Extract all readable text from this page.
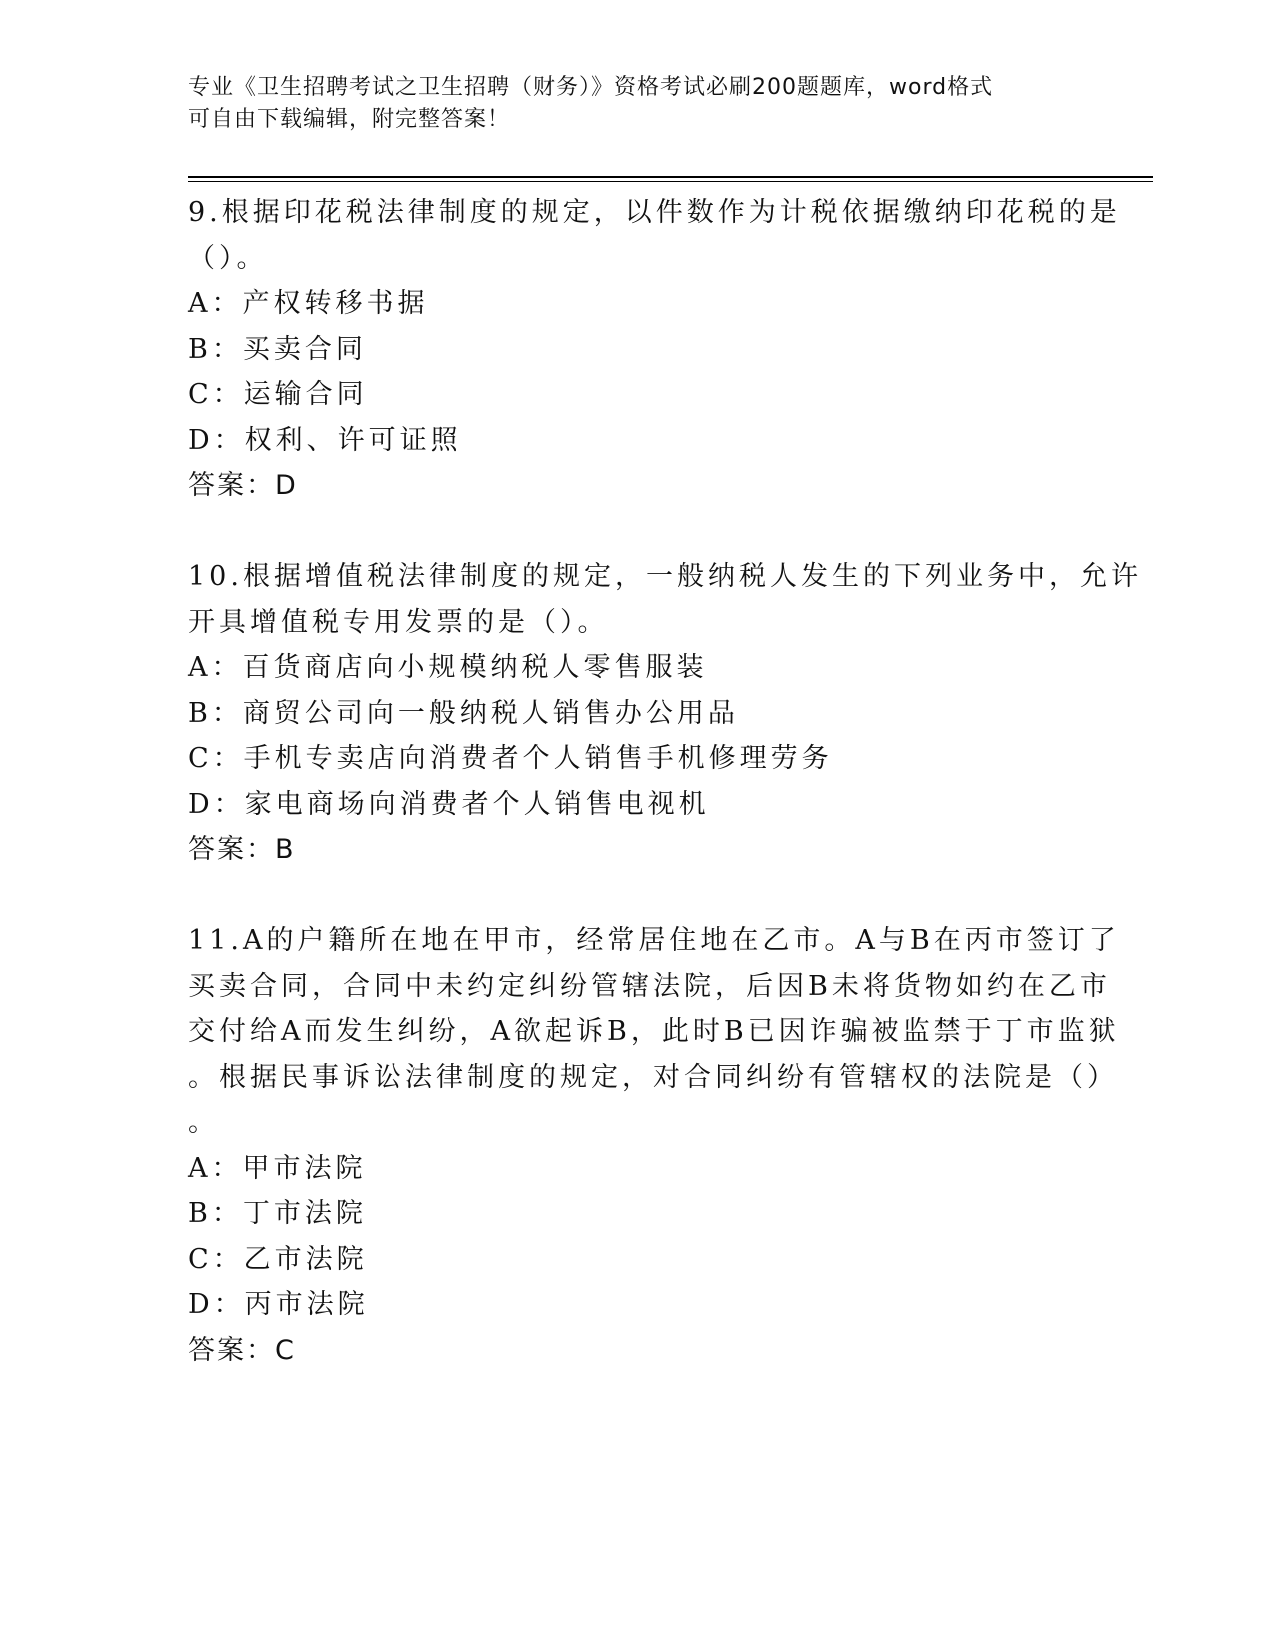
专业《卫生招聘考试之卫生招聘（财务）》资格考试必刷200题题库，word格式
可自由下载编辑，附完整答案！
9.根据印花税法律制度的规定，以件数作为计税依据缴纳印花税的是
（）。
A：产权转移书据
B：买卖合同
C：运输合同
D：权利、许可证照
答案：D
10.根据增值税法律制度的规定，一般纳税人发生的下列业务中，允许
开具增值税专用发票的是（）。
A：百货商店向小规模纳税人零售服装
B：商贸公司向一般纳税人销售办公用品
C：手机专卖店向消费者个人销售手机修理劳务
D：家电商场向消费者个人销售电视机
答案：B
11.A的户籍所在地在甲市，经常居住地在乙市。A与B在丙市签订了
买卖合同，合同中未约定纠纷管辖法院，后因B未将货物如约在乙市
交付给A而发生纠纷，A欲起诉B，此时B已因诈骗被监禁于丁市监狱
。根据民事诉讼法律制度的规定，对合同纠纷有管辖权的法院是（）
。
A：甲市法院
B：丁市法院
C：乙市法院
D：丙市法院
答案：C
